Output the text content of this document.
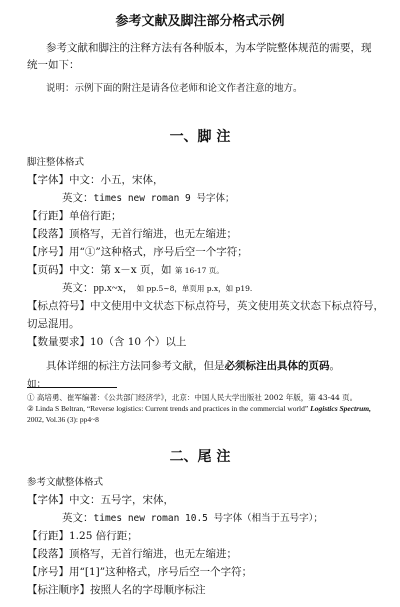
参考文献及脚注部分格式示例
参考文献和脚注的注释方法有各种版本，为本学院整体规范的需要，现
统一如下：
说明：示例下面的附注是请各位老师和论文作者注意的地方。
一、脚 注
脚注整体格式
【字体】中文：小五，宋体，
英文：times new roman 9 号字体；
【行距】单倍行距；
【段落】顶格写，无首行缩进，也无左缩进；
【序号】用“①”这种格式，序号后空一个字符；
【页码】中文：第 x－x 页，如 第 16-17 页。
英文：pp.x~x， 如 pp.5~8，单页用 p.x，如 p19.
【标点符号】中文使用中文状态下标点符号，英文使用英文状态下标点符号，
切忌混用。
【数量要求】10（含 10 个）以上
具体详细的标注方法同参考文献，但是必须标注出具体的页码。
如：
① 高培勇、崔军编著：《公共部门经济学》，北京：中国人民大学出版社 2002 年版，第 43-44 页。
② Linda S Beltran, “Reverse logistics: Current trends and practices in the commercial world” Logistics Spectrum,
2002, Vol.36 (3): pp4~8
二、尾 注
参考文献整体格式
【字体】中文：五号字，宋体，
英文：times new roman 10.5 号字体（相当于五号字）；
【行距】1.25 倍行距；
【段落】顶格写，无首行缩进，也无左缩进；
【序号】用“[1]”这种格式，序号后空一个字符；
【标注顺序】按照人名的字母顺序标注
